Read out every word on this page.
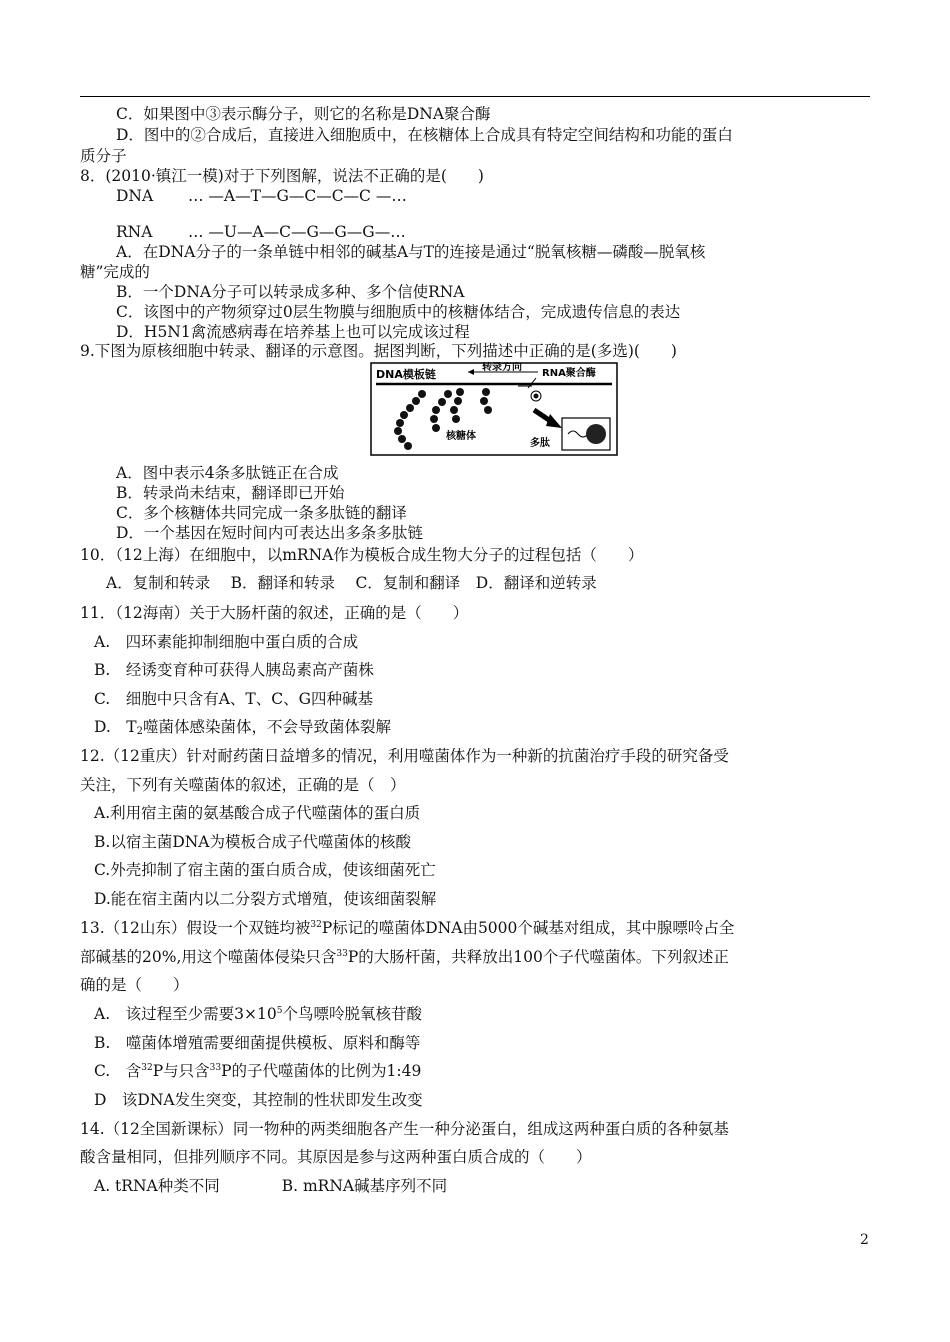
C．如果图中③表示酶分子，则它的名称是DNA聚合酶
D．图中的②合成后，直接进入细胞质中，在核糖体上合成具有特定空间结构和功能的蛋白
质分子
8．(2010·镇江一模)对于下列图解，说法不正确的是(　　)
DNA … —A—T—G—C—C—C —…
RNA … —U—A—C—G—G—G—…
A．在DNA分子的一条单链中相邻的碱基A与T的连接是通过“脱氧核糖—磷酸—脱氧核
糖”完成的
B．一个DNA分子可以转录成多种、多个信使RNA
C．该图中的产物须穿过0层生物膜与细胞质中的核糖体结合，完成遗传信息的表达
D．H5N1禽流感病毒在培养基上也可以完成该过程
9.下图为原核细胞中转录、翻译的示意图。据图判断，下列描述中正确的是(多选)(　　)
DNA模板链
转录方向
RNA聚合酶
核糖体
多肽
A．图中表示4条多肽链正在合成
B．转录尚未结束，翻译即已开始
C．多个核糖体共同完成一条多肽链的翻译
D．一个基因在短时间内可表达出多条多肽链
10．（12上海）在细胞中，以mRNA作为模板合成生物大分子的过程包括（　　）
A．复制和转录　 B．翻译和转录　 C．复制和翻译　D．翻译和逆转录
11．（12海南）关于大肠杆菌的叙述，正确的是（　　）
A.　四环素能抑制细胞中蛋白质的合成
B.　经诱变育种可获得人胰岛素高产菌株
C.　细胞中只含有A、T、C、G四种碱基
D.　$T_2$噬菌体感染菌体，不会导致菌体裂解
12.（12重庆）针对耐药菌日益增多的情况，利用噬菌体作为一种新的抗菌治疗手段的研究备受
关注，下列有关噬菌体的叙述，正确的是（　）
A.利用宿主菌的氨基酸合成子代噬菌体的蛋白质
B.以宿主菌DNA为模板合成子代噬菌体的核酸
C.外壳抑制了宿主菌的蛋白质合成，使该细菌死亡
D.能在宿主菌内以二分裂方式增殖，使该细菌裂解
13.（12山东）假设一个双链均被$^{32}$P标记的噬菌体DNA由5000个碱基对组成，其中腺嘌呤占全
部碱基的20%,用这个噬菌体侵染只含$^{33}$P的大肠杆菌，共释放出100个子代噬菌体。下列叙述正
确的是（　　）
A.　该过程至少需要$3\times 10^5$个鸟嘌呤脱氧核苷酸
B.　噬菌体增殖需要细菌提供模板、原料和酶等
C.　含$^{32}$P与只含$^{33}$P的子代噬菌体的比例为1:49
D　该DNA发生突变，其控制的性状即发生改变
14.（12全国新课标）同一物种的两类细胞各产生一种分泌蛋白，组成这两种蛋白质的各种氨基
酸含量相同，但排列顺序不同。其原因是参与这两种蛋白质合成的（　　）
A. tRNA种类不同　　　　B. mRNA碱基序列不同
2
